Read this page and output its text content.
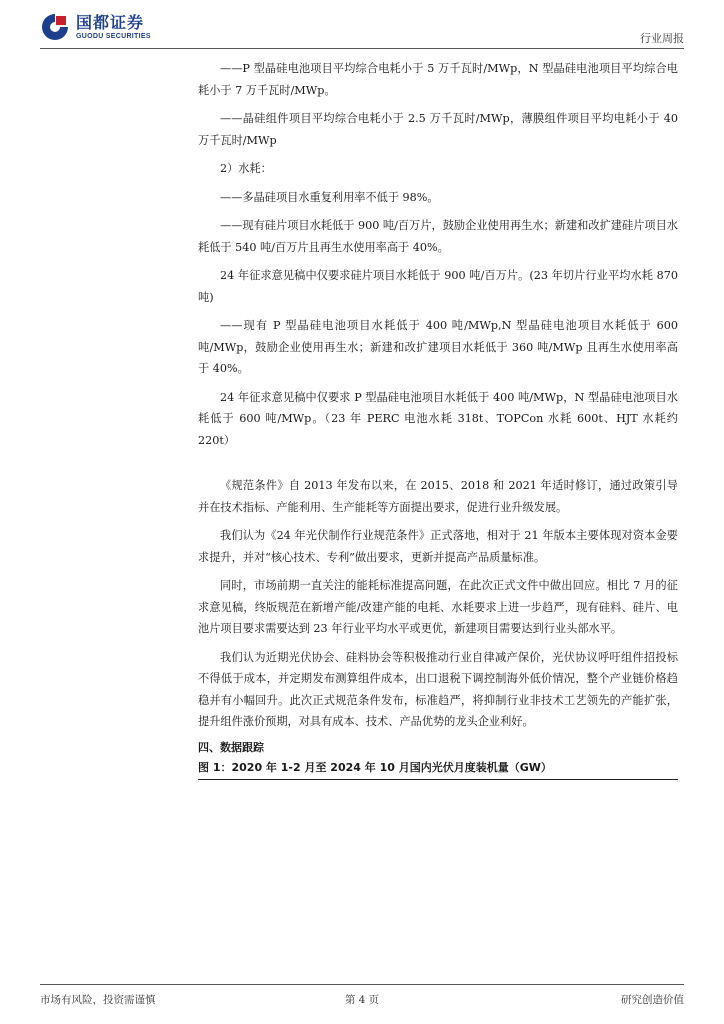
国都证券
GUODU SECURITIES	行业周报

——P 型晶硅电池项目平均综合电耗小于 5 万千瓦时/MWp，N 型晶硅电池项目平均综合电耗小于 7 万千瓦时/MWp。

——晶硅组件项目平均综合电耗小于 2.5 万千瓦时/MWp，薄膜组件项目平均电耗小于 40 万千瓦时/MWp

2）水耗：

——多晶硅项目水重复利用率不低于 98%。

——现有硅片项目水耗低于 900 吨/百万片，鼓励企业使用再生水；新建和改扩建硅片项目水耗低于 540 吨/百万片且再生水使用率高于 40%。

24 年征求意见稿中仅要求硅片项目水耗低于 900 吨/百万片。(23 年切片行业平均水耗 870 吨)

——现有 P 型晶硅电池项目水耗低于 400 吨/MWp,N 型晶硅电池项目水耗低于 600 吨/MWp，鼓励企业使用再生水；新建和改扩建项目水耗低于 360 吨/MWp 且再生水使用率高于 40%。

24 年征求意见稿中仅要求 P 型晶硅电池项目水耗低于 400 吨/MWp，N 型晶硅电池项目水耗低于 600 吨/MWp。（23 年 PERC 电池水耗 318t、TOPCon 水耗 600t、HJT 水耗约 220t）

《规范条件》自 2013 年发布以来，在 2015、2018 和 2021 年适时修订，通过政策引导并在技术指标、产能利用、生产能耗等方面提出要求，促进行业升级发展。

我们认为《24 年光伏制作行业规范条件》正式落地，相对于 21 年版本主要体现对资本金要求提升，并对“核心技术、专利”做出要求，更新并提高产品质量标准。

同时，市场前期一直关注的能耗标准提高问题，在此次正式文件中做出回应。相比 7 月的征求意见稿，终版规范在新增产能/改建产能的电耗、水耗要求上进一步趋严，现有硅料、硅片、电池片项目要求需要达到 23 年行业平均水平或更优，新建项目需要达到行业头部水平。

我们认为近期光伏协会、硅料协会等积极推动行业自律减产保价，光伏协议呼吁组件招投标不得低于成本，并定期发布测算组件成本，出口退税下调控制海外低价情况，整个产业链价格趋稳并有小幅回升。此次正式规范条件发布，标准趋严，将抑制行业非技术工艺领先的产能扩张，提升组件涨价预期，对具有成本、技术、产品优势的龙头企业利好。

四、数据跟踪
图 1：2020 年 1-2 月至 2024 年 10 月国内光伏月度装机量（GW）
市场有风险，投资需谨慎	第 4 页	研究创造价值
